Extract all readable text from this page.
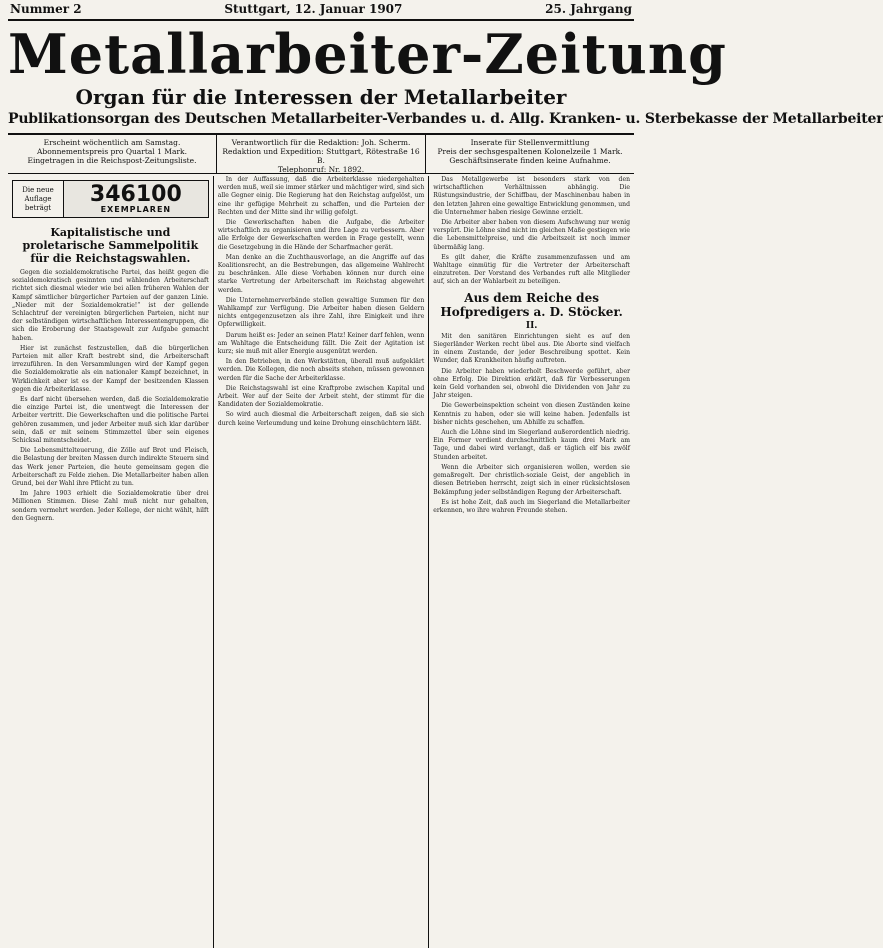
Nummer 2	Stuttgart, 12. Januar 1907	25. Jahrgang
Metallarbeiter-Zeitung
Organ für die Interessen der Metallarbeiter
Publikationsorgan des Deutschen Metallarbeiter-Verbandes u. d. Allg. Kranken- u. Sterbekasse der Metallarbeiter
Erscheint wöchentlich am Samstag.
Abonnementspreis pro Quartal 1 Mark.
Eingetragen in die Reichspost-Zeitungsliste.
Verantwortlich für die Redaktion: Joh. Scherm.
Redaktion und Expedition: Stuttgart, Rötestraße 16 B.
Telephonruf: Nr. 1892.
Inserate für Stellenvermittlung
Preis der sechsgespaltenen Kolonelzeile 1 Mark.
Geschäftsinserate finden keine Aufnahme.
Die neue Auflage beträgt
346100
EXEMPLAREN
Kapitalistische und proletarische Sammelpolitik für die Reichstagswahlen.

Gegen die sozialdemokratische Partei, das heißt gegen die sozialdemokratisch gesinnten und wählenden Arbeiterschaft richtet sich diesmal wieder wie bei allen früheren Wahlen der Kampf sämtlicher bürgerlicher Parteien auf der ganzen Linie. „Nieder mit der Sozialdemokratie!“ ist der gellende Schlachtruf der vereinigten bürgerlichen Parteien, nicht nur der selbständigen wirtschaftlichen Interessentengruppen, die sich die Eroberung der Staatsgewalt zur Aufgabe gemacht haben.

Hier ist zunächst festzustellen, daß die bürgerlichen Parteien mit aller Kraft bestrebt sind, die Arbeiterschaft irrezuführen. In den Versammlungen wird der Kampf gegen die Sozialdemokratie als ein nationaler Kampf bezeichnet, in Wirklichkeit aber ist es der Kampf der besitzenden Klassen gegen die Arbeiterklasse.

Es darf nicht übersehen werden, daß die Sozialdemokratie die einzige Partei ist, die unentwegt die Interessen der Arbeiter vertritt. Die Gewerkschaften und die politische Partei gehören zusammen, und jeder Arbeiter muß sich klar darüber sein, daß er mit seinem Stimmzettel über sein eigenes Schicksal mitentscheidet.

Die Lebensmittelteuerung, die Zölle auf Brot und Fleisch, die Belastung der breiten Massen durch indirekte Steuern sind das Werk jener Parteien, die heute gemeinsam gegen die Arbeiterschaft zu Felde ziehen. Die Metallarbeiter haben allen Grund, bei der Wahl ihre Pflicht zu tun.

Im Jahre 1903 erhielt die Sozialdemokratie über drei Millionen Stimmen. Diese Zahl muß nicht nur gehalten, sondern vermehrt werden. Jeder Kollege, der nicht wählt, hilft den Gegnern.

In der Auffassung, daß die Arbeiterklasse niedergehalten werden muß, weil sie immer stärker und mächtiger wird, sind sich alle Gegner einig. Die Regierung hat den Reichstag aufgelöst, um eine ihr gefügige Mehrheit zu schaffen, und die Parteien der Rechten und der Mitte sind ihr willig gefolgt.

Die Gewerkschaften haben die Aufgabe, die Arbeiter wirtschaftlich zu organisieren und ihre Lage zu verbessern. Aber alle Erfolge der Gewerkschaften werden in Frage gestellt, wenn die Gesetzgebung in die Hände der Scharfmacher gerät.

Man denke an die Zuchthausvorlage, an die Angriffe auf das Koalitionsrecht, an die Bestrebungen, das allgemeine Wahlrecht zu beschränken. Alle diese Vorhaben können nur durch eine starke Vertretung der Arbeiterschaft im Reichstag abgewehrt werden.

Die Unternehmerverbände stellen gewaltige Summen für den Wahlkampf zur Verfügung. Die Arbeiter haben diesen Geldern nichts entgegenzusetzen als ihre Zahl, ihre Einigkeit und ihre Opferwilligkeit.

Darum heißt es: Jeder an seinen Platz! Keiner darf fehlen, wenn am Wahltage die Entscheidung fällt. Die Zeit der Agitation ist kurz; sie muß mit aller Energie ausgenützt werden.

In den Betrieben, in den Werkstätten, überall muß aufgeklärt werden. Die Kollegen, die noch abseits stehen, müssen gewonnen werden für die Sache der Arbeiterklasse.

Die Reichstagswahl ist eine Kraftprobe zwischen Kapital und Arbeit. Wer auf der Seite der Arbeit steht, der stimmt für die Kandidaten der Sozialdemokratie.

So wird auch diesmal die Arbeiterschaft zeigen, daß sie sich durch keine Verleumdung und keine Drohung einschüchtern läßt.

Das Metallgewerbe ist besonders stark von den wirtschaftlichen Verhältnissen abhängig. Die Rüstungsindustrie, der Schiffbau, der Maschinenbau haben in den letzten Jahren eine gewaltige Entwicklung genommen, und die Unternehmer haben riesige Gewinne erzielt.

Die Arbeiter aber haben von diesem Aufschwung nur wenig verspürt. Die Löhne sind nicht im gleichen Maße gestiegen wie die Lebensmittelpreise, und die Arbeitszeit ist noch immer übermäßig lang.

Es gilt daher, die Kräfte zusammenzufassen und am Wahltage einmütig für die Vertreter der Arbeiterschaft einzutreten. Der Vorstand des Verbandes ruft alle Mitglieder auf, sich an der Wahlarbeit zu beteiligen.

Aus dem Reiche des Hofpredigers a. D. Stöcker.
II.

Mit den sanitären Einrichtungen sieht es auf den Siegerländer Werken recht übel aus. Die Aborte sind vielfach in einem Zustande, der jeder Beschreibung spottet. Kein Wunder, daß Krankheiten häufig auftreten.

Die Arbeiter haben wiederholt Beschwerde geführt, aber ohne Erfolg. Die Direktion erklärt, daß für Verbesserungen kein Geld vorhanden sei, obwohl die Dividenden von Jahr zu Jahr steigen.

Die Gewerbeinspektion scheint von diesen Zuständen keine Kenntnis zu haben, oder sie will keine haben. Jedenfalls ist bisher nichts geschehen, um Abhilfe zu schaffen.

Auch die Löhne sind im Siegerland außerordentlich niedrig. Ein Former verdient durchschnittlich kaum drei Mark am Tage, und dabei wird verlangt, daß er täglich elf bis zwölf Stunden arbeitet.

Wenn die Arbeiter sich organisieren wollen, werden sie gemaßregelt. Der christlich-soziale Geist, der angeblich in diesen Betrieben herrscht, zeigt sich in einer rücksichtslosen Bekämpfung jeder selbständigen Regung der Arbeiterschaft.

Es ist hohe Zeit, daß auch im Siegerland die Metallarbeiter erkennen, wo ihre wahren Freunde stehen.
